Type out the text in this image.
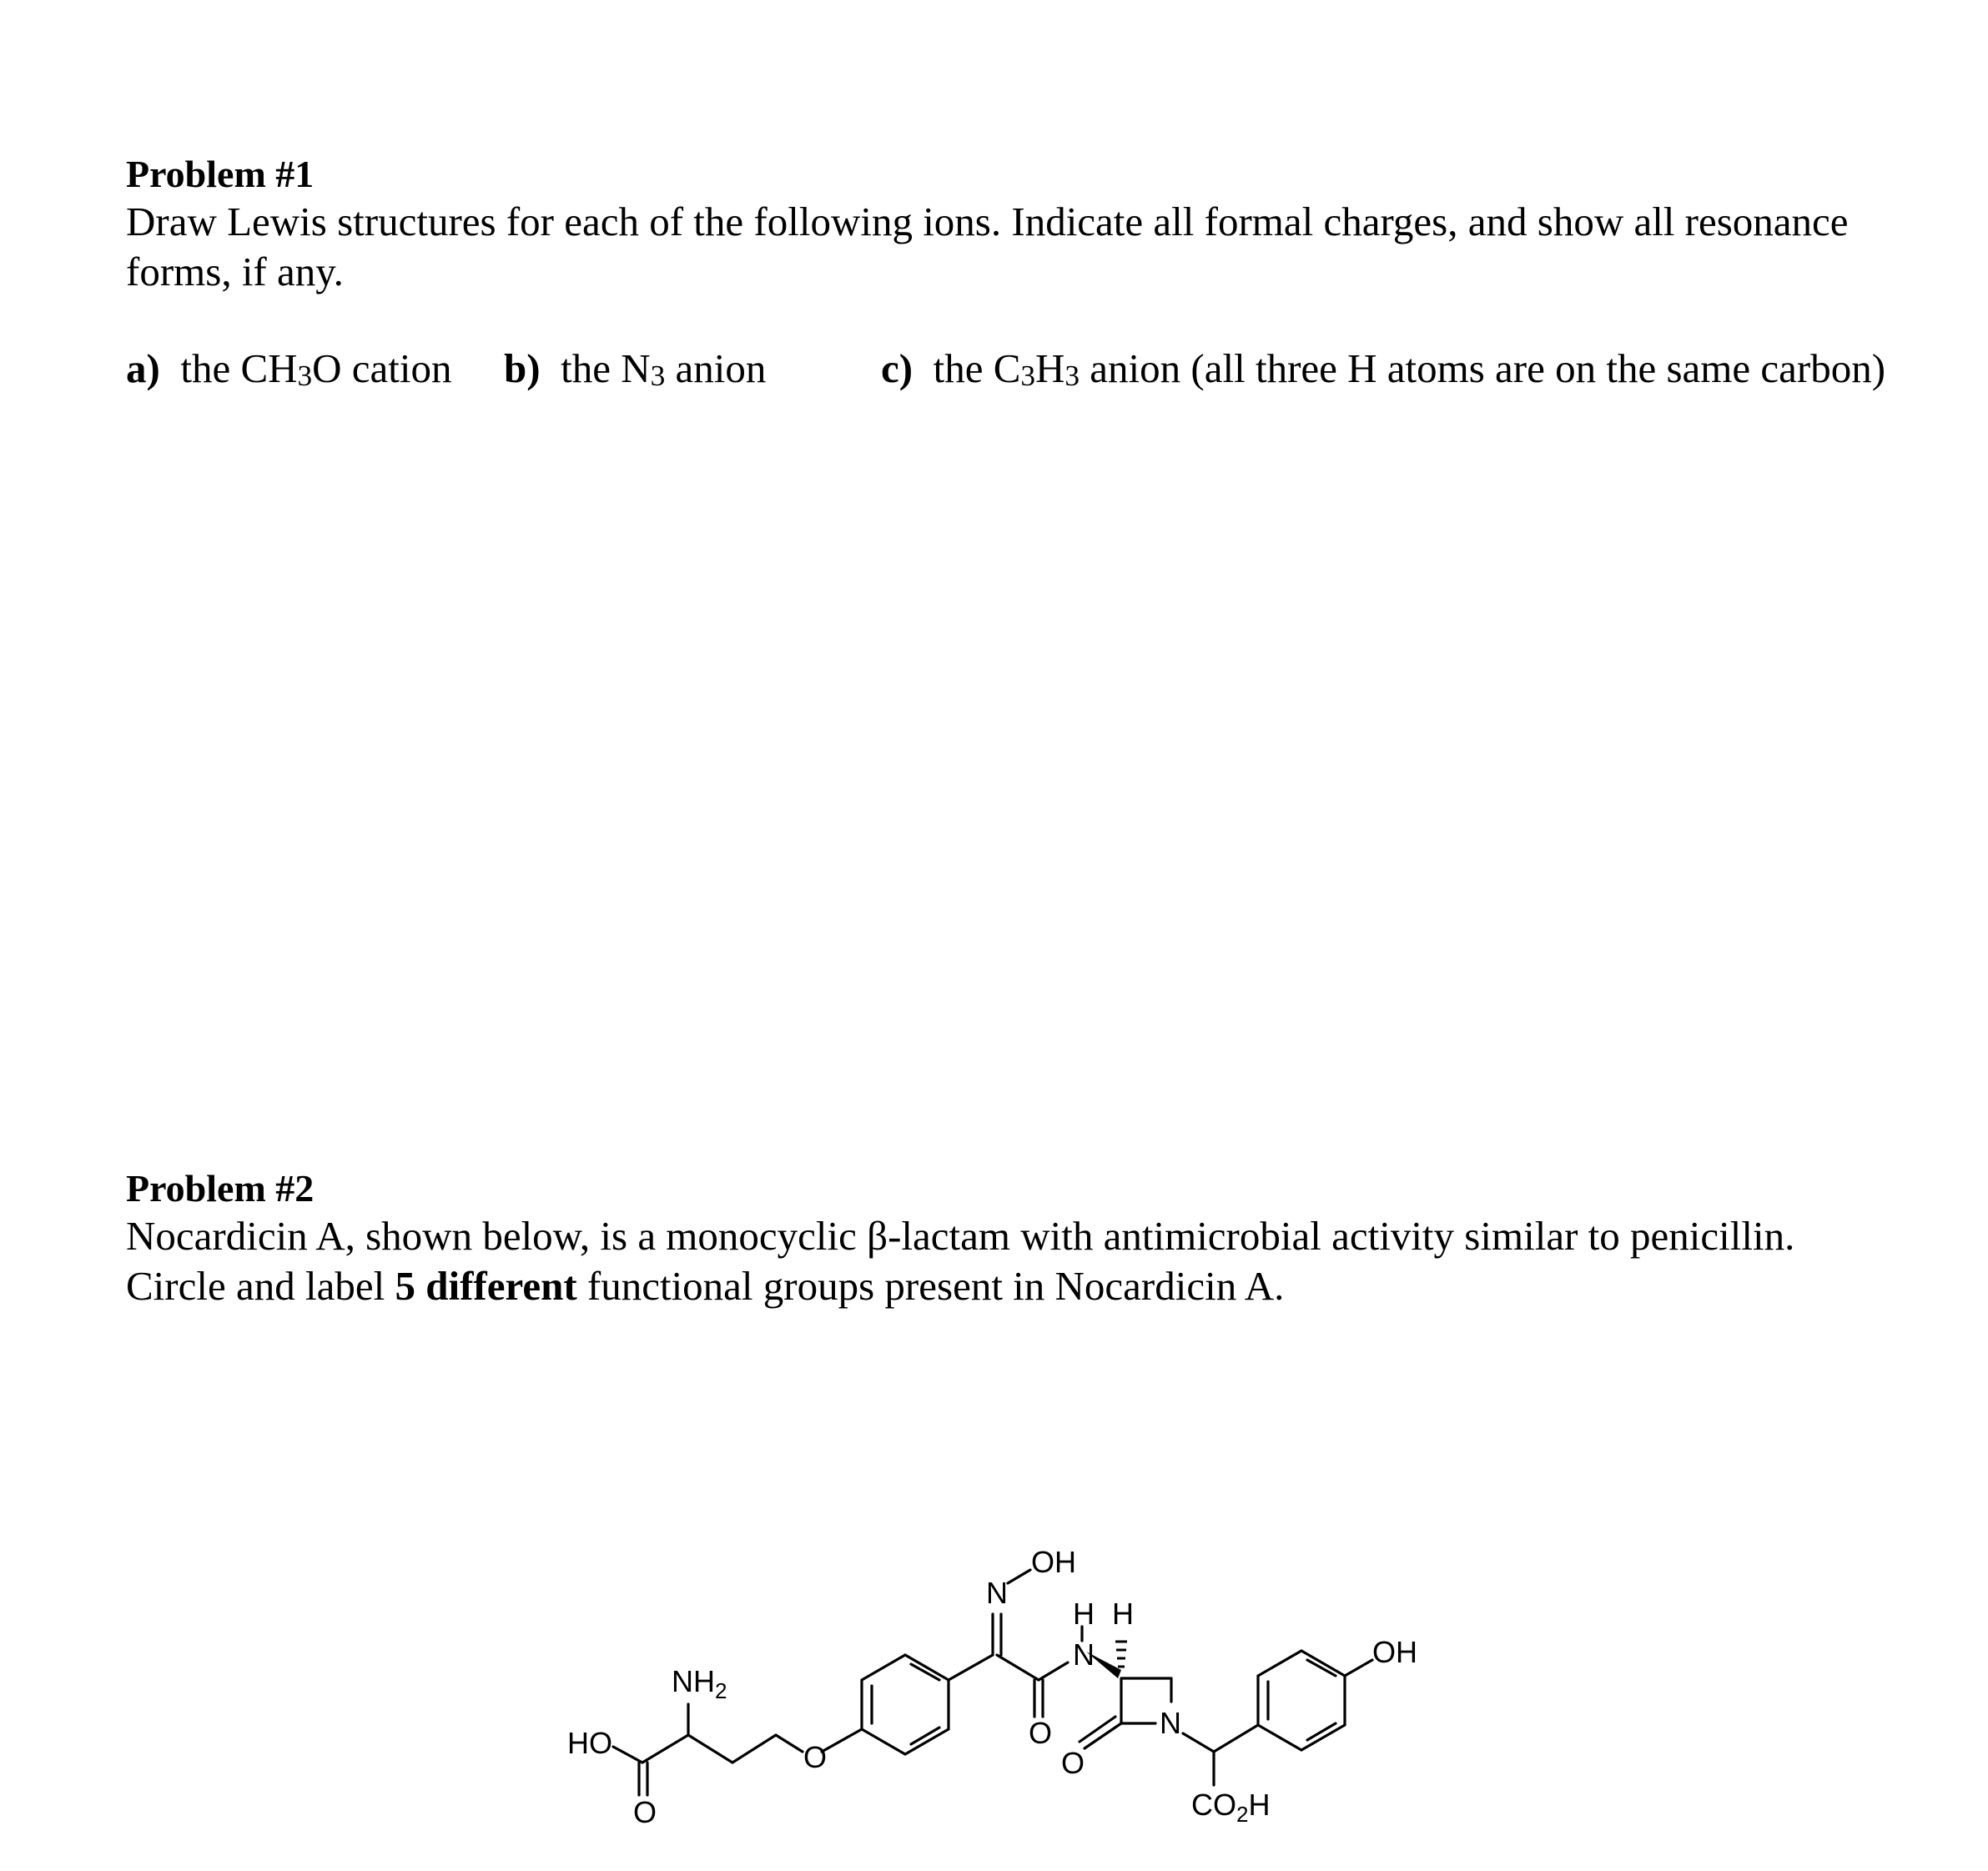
Problem #1
Draw Lewis structures for each of the following ions. Indicate all formal charges, and show all resonance
forms, if any.
a) the CH3O cation b) the N3 anion	c) the C3H3 anion (all three H atoms are on the same carbon)
Problem #2
Nocardicin A, shown below, is a monocyclic β-lactam with antimicrobial activity similar to penicillin.
Circle and label 5 different functional groups present in Nocardicin A.
HO
$NH_2$
O
O
N
OH
O
H
N
H
N
O
OH
$CO_2H$
